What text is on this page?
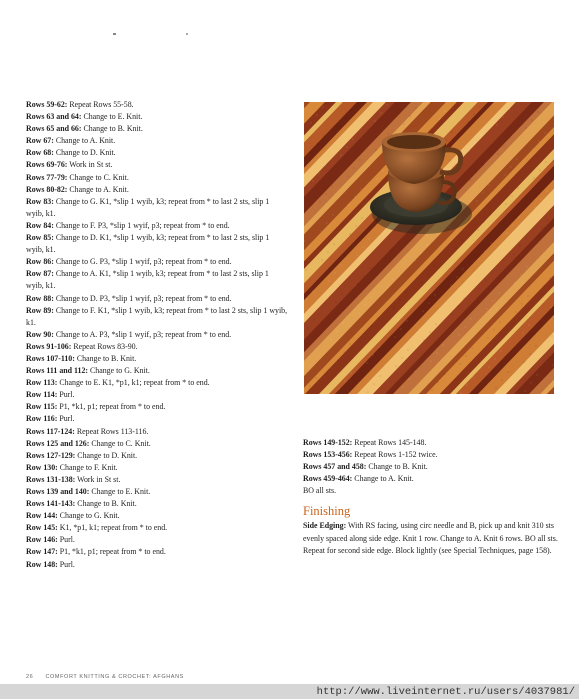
Rows 59-62: Repeat Rows 55-58.
Rows 63 and 64: Change to E. Knit.
Rows 65 and 66: Change to B. Knit.
Row 67: Change to A. Knit.
Row 68: Change to D. Knit.
Rows 69-76: Work in St st.
Rows 77-79: Change to C. Knit.
Rows 80-82: Change to A. Knit.
Row 83: Change to G. K1, *slip 1 wyib, k3; repeat from * to last 2 sts, slip 1 wyib, k1.
Row 84: Change to F. P3, *slip 1 wyif, p3; repeat from * to end.
Row 85: Change to D. K1, *slip 1 wyib, k3; repeat from * to last 2 sts, slip 1 wyib, k1.
Row 86: Change to G. P3, *slip 1 wyif, p3; repeat from * to end.
Row 87: Change to A. K1, *slip 1 wyib, k3; repeat from * to last 2 sts, slip 1 wyib, k1.
Row 88: Change to D. P3, *slip 1 wyif, p3; repeat from * to end.
Row 89: Change to F. K1, *slip 1 wyib, k3; repeat from * to last 2 sts, slip 1 wyib, k1.
Row 90: Change to A. P3, *slip 1 wyif, p3; repeat from * to end.
Rows 91-106: Repeat Rows 83-90.
Rows 107-110: Change to B. Knit.
Rows 111 and 112: Change to G. Knit.
Row 113: Change to E. K1, *p1, k1; repeat from * to end.
Row 114: Purl.
Row 115: P1, *k1, p1; repeat from * to end.
Row 116: Purl.
Rows 117-124: Repeat Rows 113-116.
Rows 125 and 126: Change to C. Knit.
Rows 127-129: Change to D. Knit.
Row 130: Change to F. Knit.
Rows 131-138: Work in St st.
Rows 139 and 140: Change to E. Knit.
Rows 141-143: Change to B. Knit.
Row 144: Change to G. Knit.
Row 145: K1, *p1, k1; repeat from * to end.
Row 146: Purl.
Row 147: P1, *k1, p1; repeat from * to end.
Row 148: Purl.
Rows 149-152: Repeat Rows 145-148.
Rows 153-456: Repeat Rows 1-152 twice.
Rows 457 and 458: Change to B. Knit.
Rows 459-464: Change to A. Knit.
BO all sts.
Finishing
Side Edging: With RS facing, using circ needle and B, pick up and knit 310 sts evenly spaced along side edge. Knit 1 row. Change to A. Knit 6 rows. BO all sts. Repeat for second side edge. Block lightly (see Special Techniques, page 158).
26 COMFORT KNITTING & CROCHET: AFGHANS
http://www.liveinternet.ru/users/4037981/
